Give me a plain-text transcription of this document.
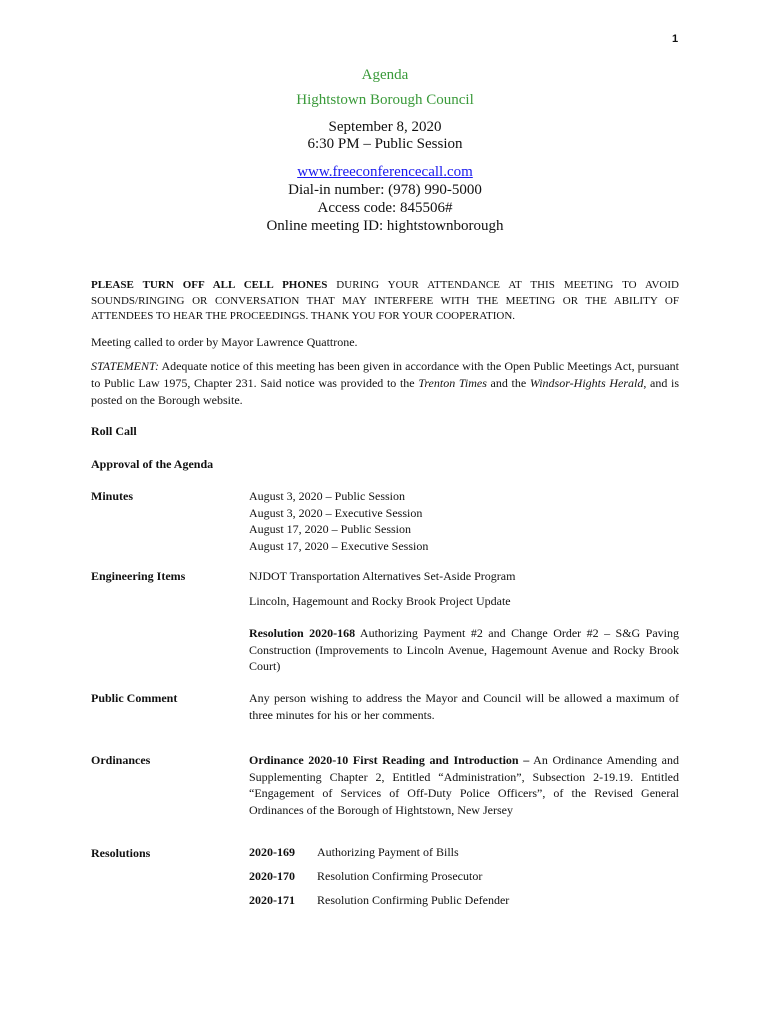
1
Agenda
Hightstown Borough Council
September 8, 2020
6:30 PM – Public Session
www.freeconferencecall.com
Dial-in number: (978) 990-5000
Access code: 845506#
Online meeting ID: hightstownborough
PLEASE TURN OFF ALL CELL PHONES DURING YOUR ATTENDANCE AT THIS MEETING TO AVOID SOUNDS/RINGING OR CONVERSATION THAT MAY INTERFERE WITH THE MEETING OR THE ABILITY OF ATTENDEES TO HEAR THE PROCEEDINGS. THANK YOU FOR YOUR COOPERATION.
Meeting called to order by Mayor Lawrence Quattrone.
STATEMENT: Adequate notice of this meeting has been given in accordance with the Open Public Meetings Act, pursuant to Public Law 1975, Chapter 231. Said notice was provided to the Trenton Times and the Windsor-Hights Herald, and is posted on the Borough website.
Roll Call
Approval of the Agenda
Minutes	August 3, 2020 – Public Session
August 3, 2020 – Executive Session
August 17, 2020 – Public Session
August 17, 2020 – Executive Session
Engineering Items	NJDOT Transportation Alternatives Set-Aside Program
Lincoln, Hagemount and Rocky Brook Project Update
Resolution 2020-168 Authorizing Payment #2 and Change Order #2 – S&G Paving Construction (Improvements to Lincoln Avenue, Hagemount Avenue and Rocky Brook Court)
Public Comment	Any person wishing to address the Mayor and Council will be allowed a maximum of three minutes for his or her comments.
Ordinances	Ordinance 2020-10 First Reading and Introduction – An Ordinance Amending and Supplementing Chapter 2, Entitled “Administration”, Subsection 2-19.19. Entitled “Engagement of Services of Off-Duty Police Officers”, of the Revised General Ordinances of the Borough of Hightstown, New Jersey
Resolutions	2020-169 Authorizing Payment of Bills
2020-170 Resolution Confirming Prosecutor
2020-171 Resolution Confirming Public Defender
